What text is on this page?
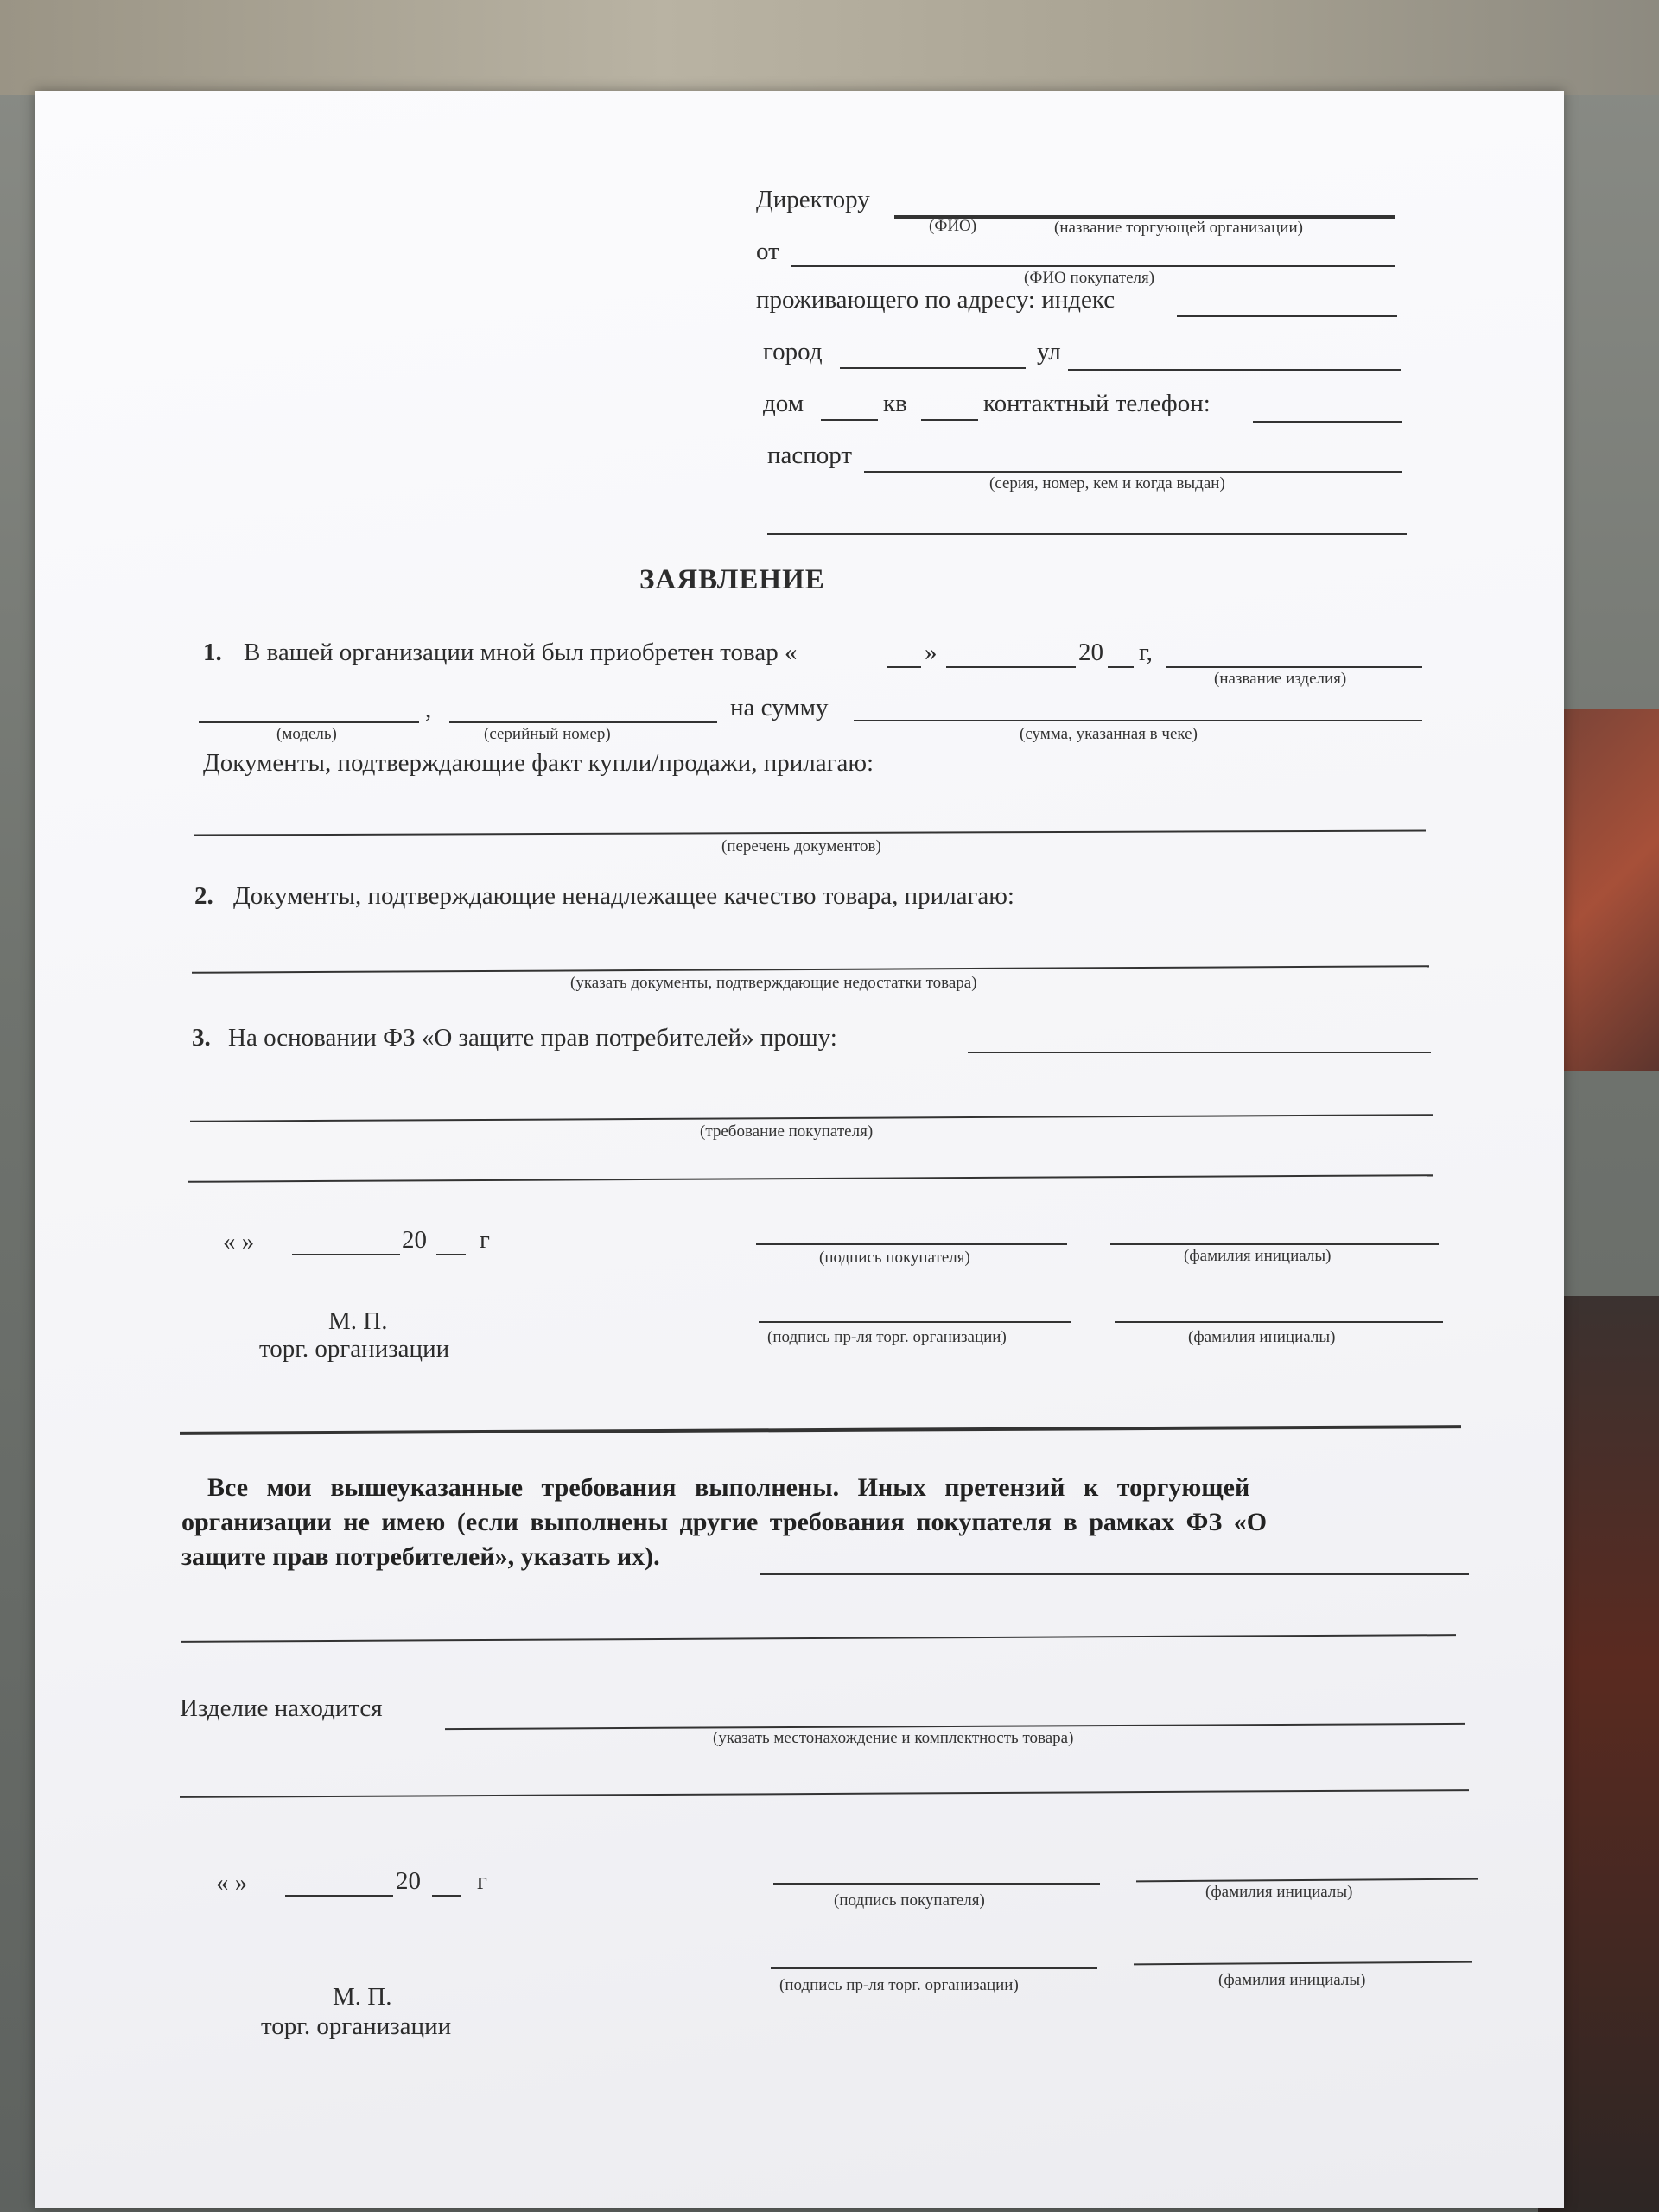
Директору
(ФИО)	(название торгующей организации)
от
(ФИО покупателя)
проживающего по адресу: индекс
город	ул
дом	кв	контактный телефон:
паспорт
(серия, номер, кем и когда выдан)
ЗАЯВЛЕНИЕ
1. В вашей организации мной был приобретен товар «	»	20 г,
(название изделия)
,	на сумму
(модель)	(серийный номер)	(сумма, указанная в чеке)
Документы, подтверждающие факт купли/продажи, прилагаю:
(перечень документов)
2. Документы, подтверждающие ненадлежащее качество товара, прилагаю:
(указать документы, подтверждающие недостатки товара)
3. На основании ФЗ «О защите прав потребителей» прошу:
(требование покупателя)
« »	20 г
(подпись покупателя)	(фамилия инициалы)
М. П.
торг. организации	(подпись пр-ля торг. организации)	(фамилия инициалы)
Все мои вышеуказанные требования выполнены. Иных претензий к торгующей
организации не имею (если выполнены другие требования покупателя в рамках ФЗ «О
защите прав потребителей», указать их).
Изделие находится
(указать местонахождение и комплектность товара)
« »	20 г
(подпись покупателя)	(фамилия инициалы)
М. П.
торг. организации
(подпись пр-ля торг. организации)	(фамилия инициалы)
